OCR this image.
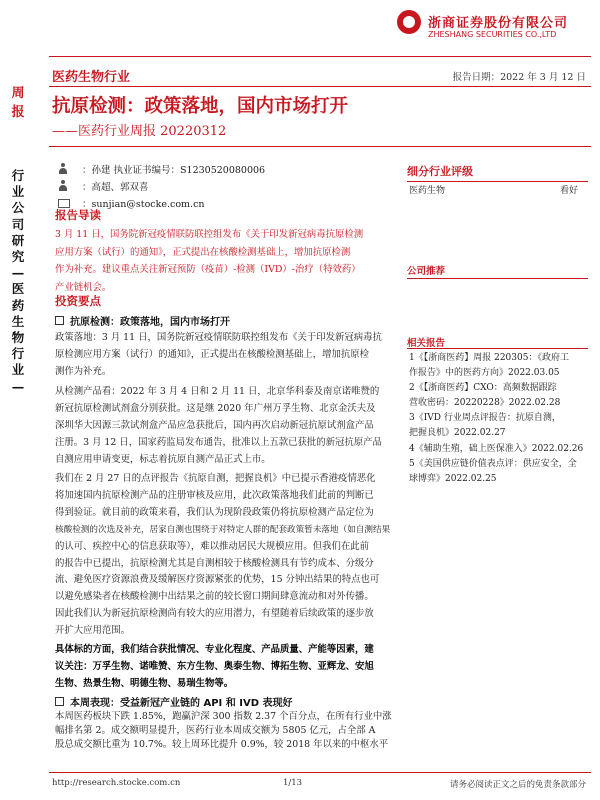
浙商证券股份有限公司
ZHESHANG SECURITIES CO.,LTD
医药生物行业	报告日期：2022 年 3 月 12 日
周报 抗原检测：政策落地，国内市场打开
——医药行业周报 20220312
行业公司研究—医药生物行业—
：孙建 执业证书编号：S1230520080006
：高超、郭双喜
：sunjian@stocke.com.cn
报告导读
3 月 11 日，国务院新冠疫情联防联控组发布《关于印发新冠病毒抗原检测
应用方案（试行）的通知》，正式提出在核酸检测基础上，增加抗原检测
作为补充。建议重点关注新冠预防（疫苗）-检测（IVD）-治疗（特效药）
产业链机会。
投资要点
抗原检测：政策落地，国内市场打开
政策落地：3 月 11 日，国务院新冠疫情联防联控组发布《关于印发新冠病毒抗
原检测应用方案（试行）的通知》，正式提出在核酸检测基础上，增加抗原检
测作为补充。
从检测产品看：2022 年 3 月 4 日和 2 月 11 日，北京华科泰及南京诺唯赞的
新冠抗原检测试剂盒分别获批。这是继 2020 年广州万孚生物、北京金沃夫及
深圳华大因源三款试剂盒产品应急获批后，国内再次启动新冠抗原试剂盒产品
注册。3 月 12 日，国家药监局发布通告，批准以上五款已获批的新冠抗原产品
自测应用申请变更，标志着抗原自测产品正式上市。
我们在 2 月 27 日的点评报告《抗原自测，把握良机》中已提示香港疫情恶化
将加速国内抗原检测产品的注册审核及应用，此次政策落地我们此前的判断已
得到验证。就目前的政策来看，我们认为现阶段政策仍将抗原检测产品定位为
核酸检测的次选及补充，居家自测也围绕于对特定人群的配套政策暂未落地（如自测结果
的认可、疾控中心的信息获取等），难以推动居民大规模应用。但我们在此前
的报告中已提出，抗原检测尤其是自测相较于核酸检测具有节约成本、分级分
流、避免医疗资源浪费及缓解医疗资源紧张的优势，15 分钟出结果的特点也可
以避免感染者在核酸检测中出结果之前的较长窗口期间肆意流动和对外传播。
因此我们认为新冠抗原检测尚有较大的应用潜力，有望随着后续政策的逐步放
开扩大应用范围。
具体标的方面，我们结合获批情况、专业化程度、产品质量、产能等因素，建
议关注：万孚生物、诺唯赞、东方生物、奥泰生物、博拓生物、亚辉龙、安旭
生物、热景生物、明德生物、易瑞生物等。
本周表现：受益新冠产业链的 API 和 IVD 表现好
本周医药板块下跌 1.85%，跑赢沪深 300 指数 2.37 个百分点，在所有行业中涨
幅排名第 2。成交额明显提升，医药行业本周成交额为 5805 亿元，占全部 A
股总成交额比重为 10.7%。较上周环比提升 0.9%，较 2018 年以来的中枢水平
细分行业评级
医药生物	看好
公司推荐
相关报告
1《【浙商医药】周报 220305：《政府工
作报告》中的医药方向》2022.03.05
2《【浙商医药】CXO：高频数据跟踪
营收密码：20220228》2022.02.28
3《IVD 行业周点评报告：抗原自测，
把握良机》2022.02.27
4《辅助生殖，础上医保准入》2022.02.26
5《美国供应链价值表点评：供应安全，全
球博弈》2022.02.25
http://research.stocke.com.cn	1/13	请务必阅读正文之后的免责条款部分
